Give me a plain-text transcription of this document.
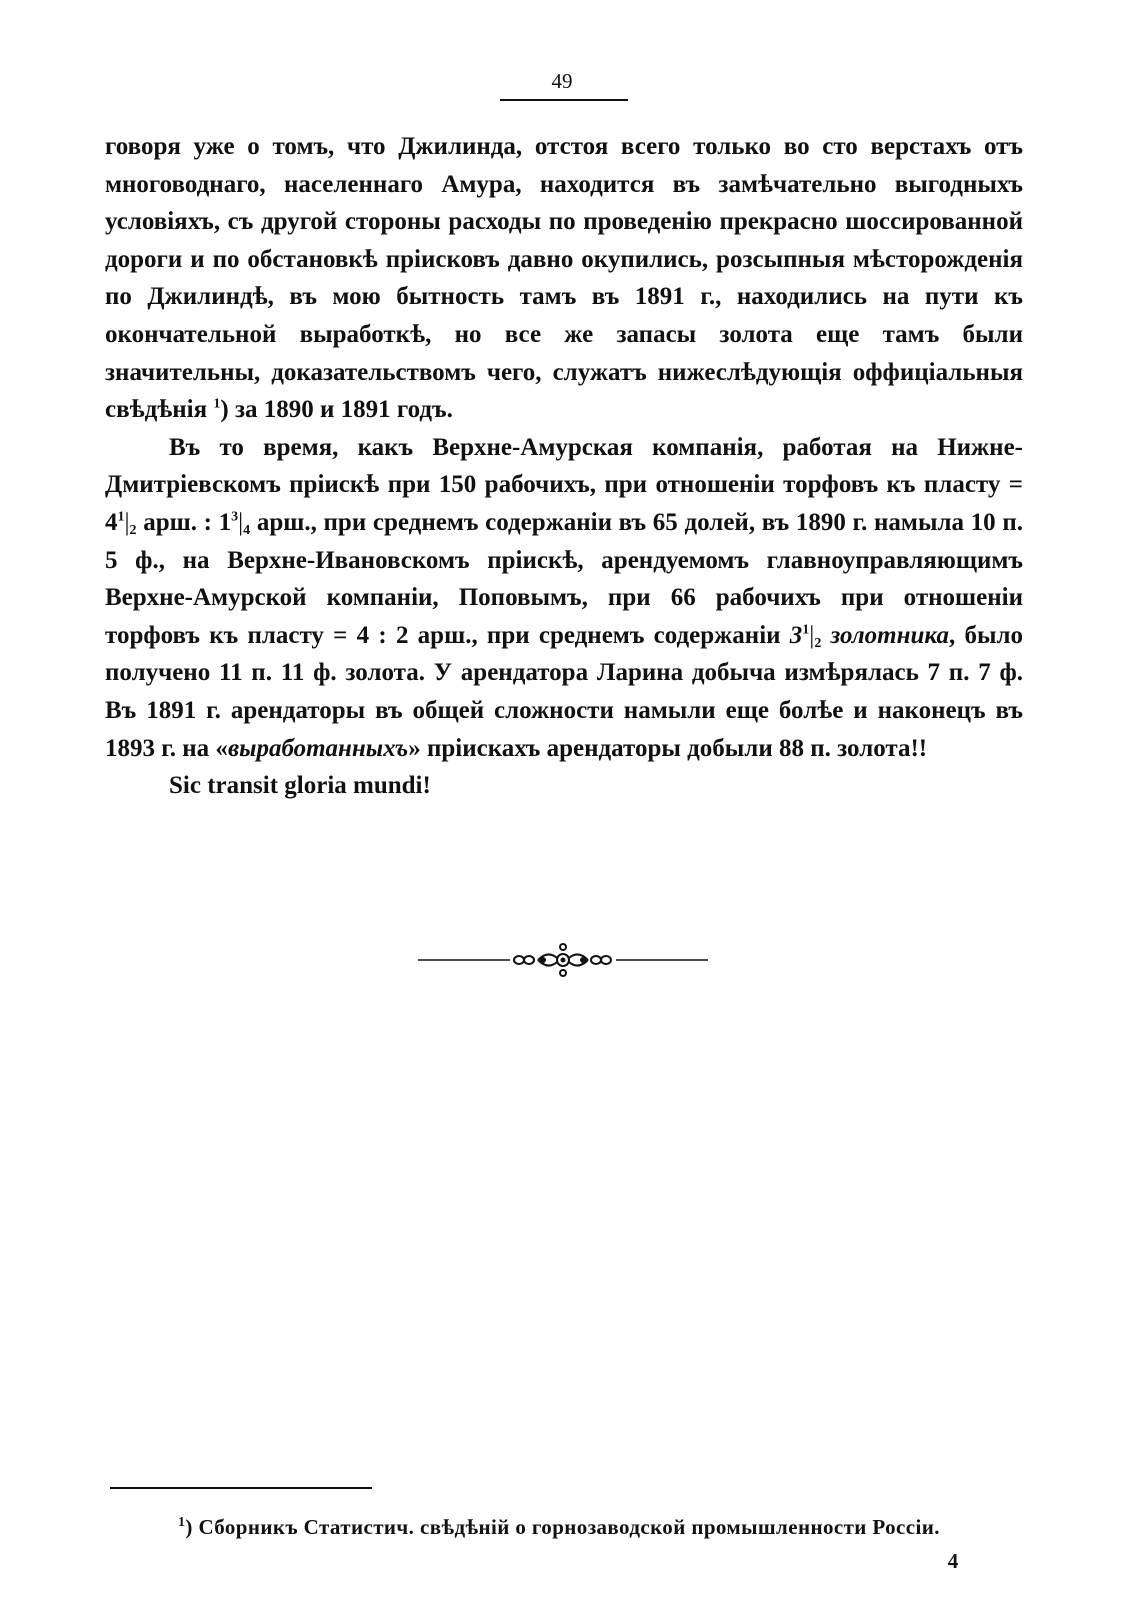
49

говоря уже о томъ, что Джилинда, отстоя всего только во сто верстахъ отъ многоводнаго, населеннаго Амура, находится въ замѣчательно выгодныхъ условіяхъ, съ другой стороны расходы по проведенію прекрасно шоссированной дороги и по обстановкѣ пріисковъ давно окупились, розсыпныя мѣсторожденія по Джилиндѣ, въ мою бытность тамъ въ 1891 г., находились на пути къ окончательной выработкѣ, но все же запасы золота еще тамъ были значительны, доказательствомъ чего, служатъ нижеслѣдующія оффиціальныя свѣдѣнія $^1$) за 1890 и 1891 годъ.

Въ то время, какъ Верхне-Амурская компанія, работая на Нижне-Дмитріевскомъ пріискѣ при 150 рабочихъ, при отношеніи торфовъ къ пласту = $4^1|_2$ арш. : $1^3|_4$ арш., при среднемъ содержаніи въ 65 долей, въ 1890 г. намыла 10 п. 5 ф., на Верхне-Ивановскомъ пріискѣ, арендуемомъ главноуправляющимъ Верхне-Амурской компаніи, Поповымъ, при 66 рабочихъ при отношеніи торфовъ къ пласту = 4 : 2 арш., при среднемъ содержаніи $3^1|_2$ золотника, было получено 11 п. 11 ф. золота. У арендатора Ларина добыча измѣрялась 7 п. 7 ф. Въ 1891 г. арендаторы въ общей сложности намыли еще болѣе и наконецъ въ 1893 г. на «выработанныхъ» пріискахъ арендаторы добыли 88 п. золота!!

Sic transit gloria mundi!

$^1$) Сборникъ Статистич. свѣдѣній о горнозаводской промышленности Россіи.
4
